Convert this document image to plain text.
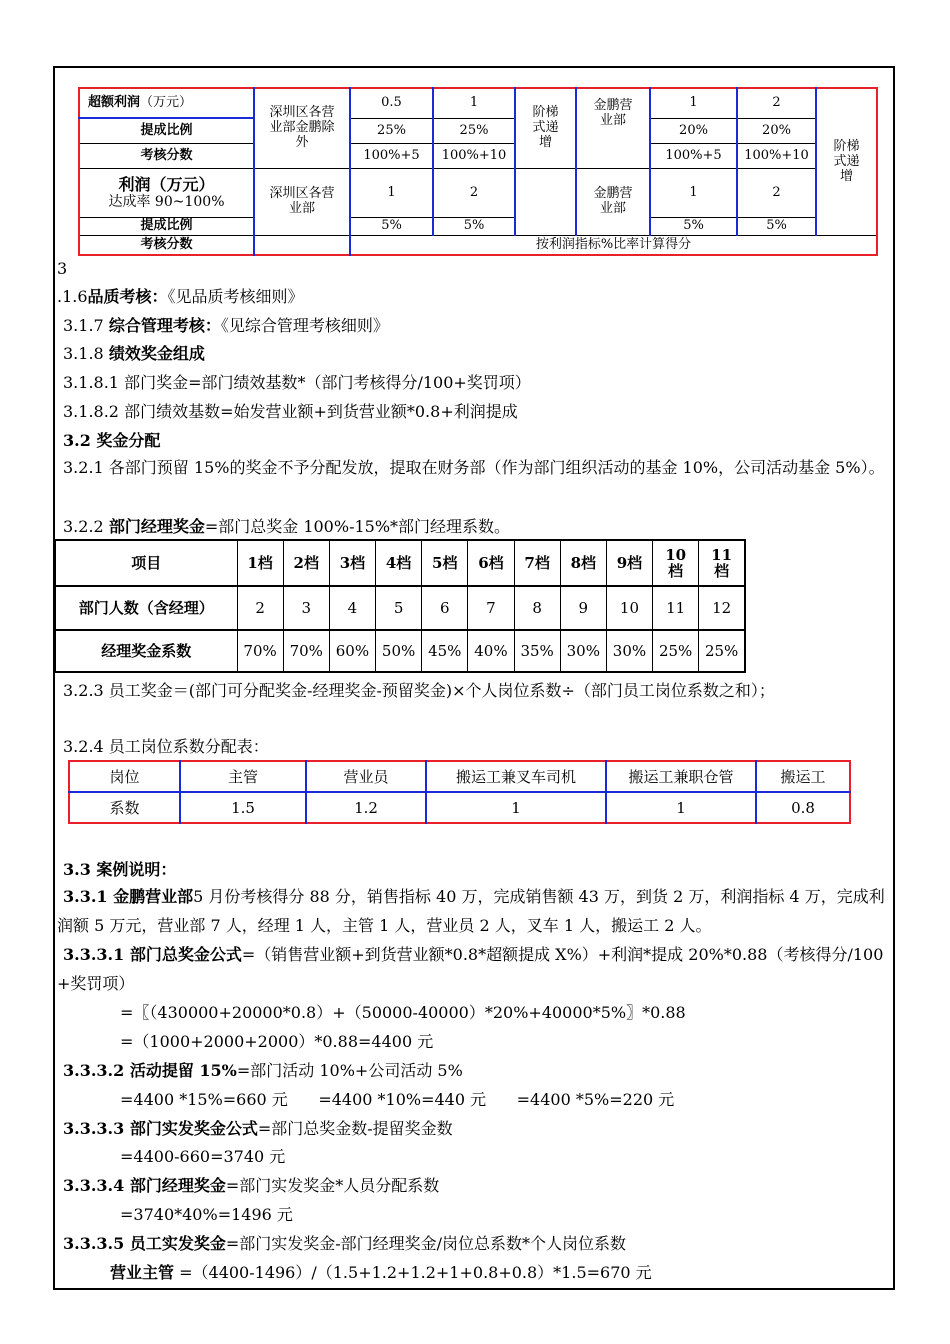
超额利润（万元）	深圳区各营业部金鹏除外	0.5	1	阶梯式递增	金鹏营业部	1	2	阶梯式递增
提成比例		25%	25%			20%	20%	
考核分数		100%+5	100%+10			100%+5	100%+10	

利润（万元）
达成率 90~100%	深圳区各营业部	1	2		金鹏营业部	1	2	
提成比例		5%	5%			5%	5%	
考核分数		按利润指标%比率计算得分						
3
.1.6品质考核：《见品质考核细则》
3.1.7 综合管理考核：《见综合管理考核细则》
3.1.8 绩效奖金组成
3.1.8.1 部门奖金=部门绩效基数*（部门考核得分/100+奖罚项）
3.1.8.2 部门绩效基数=始发营业额+到货营业额*0.8+利润提成
3.2 奖金分配
3.2.1 各部门预留 15%的奖金不予分配发放，提取在财务部（作为部门组织活动的基金 10%，公司活动基金 5%）。
3.2.2 部门经理奖金=部门总奖金 100%-15%*部门经理系数。
项目	1档	2档	3档	4档	5档	6档	7档	8档	9档	10档	11档
部门人数（含经理）	2	3	4	5	6	7	8	9	10	11	12
经理奖金系数	70%	70%	60%	50%	45%	40%	35%	30%	30%	25%	25%
3.2.3 员工奖金＝(部门可分配奖金-经理奖金-预留奖金)×个人岗位系数÷（部门员工岗位系数之和）；
3.2.4 员工岗位系数分配表：
岗位	主管	营业员	搬运工兼叉车司机	搬运工兼职仓管	搬运工
系数	1.5	1.2	1	1	0.8
3.3 案例说明：
3.3.1 金鹏营业部5 月份考核得分 88 分，销售指标 40 万，完成销售额 43 万，到货 2 万，利润指标 4 万，完成利润额 5 万元，营业部 7 人，经理 1 人，主管 1 人，营业员 2 人，叉车 1 人，搬运工 2 人。
3.3.3.1 部门总奖金公式=（销售营业额+到货营业额*0.8*超额提成 X%）+利润*提成 20%*0.88（考核得分/100 +奖罚项）
=〖（430000+20000*0.8）+（50000-40000）*20%+40000*5%〗*0.88
=（1000+2000+2000）*0.88=4400 元
3.3.3.2 活动提留 15%=部门活动 10%+公司活动 5%
=4400 *15%=660 元      =4400 *10%=440 元      =4400 *5%=220 元
3.3.3.3 部门实发奖金公式=部门总奖金数-提留奖金数
=4400-660=3740 元
3.3.3.4 部门经理奖金=部门实发奖金*人员分配系数
=3740*40%=1496 元
3.3.3.5 员工实发奖金=部门实发奖金-部门经理奖金/岗位总系数*个人岗位系数
营业主管 =（4400-1496）/（1.5+1.2+1.2+1+0.8+0.8）*1.5=670 元
